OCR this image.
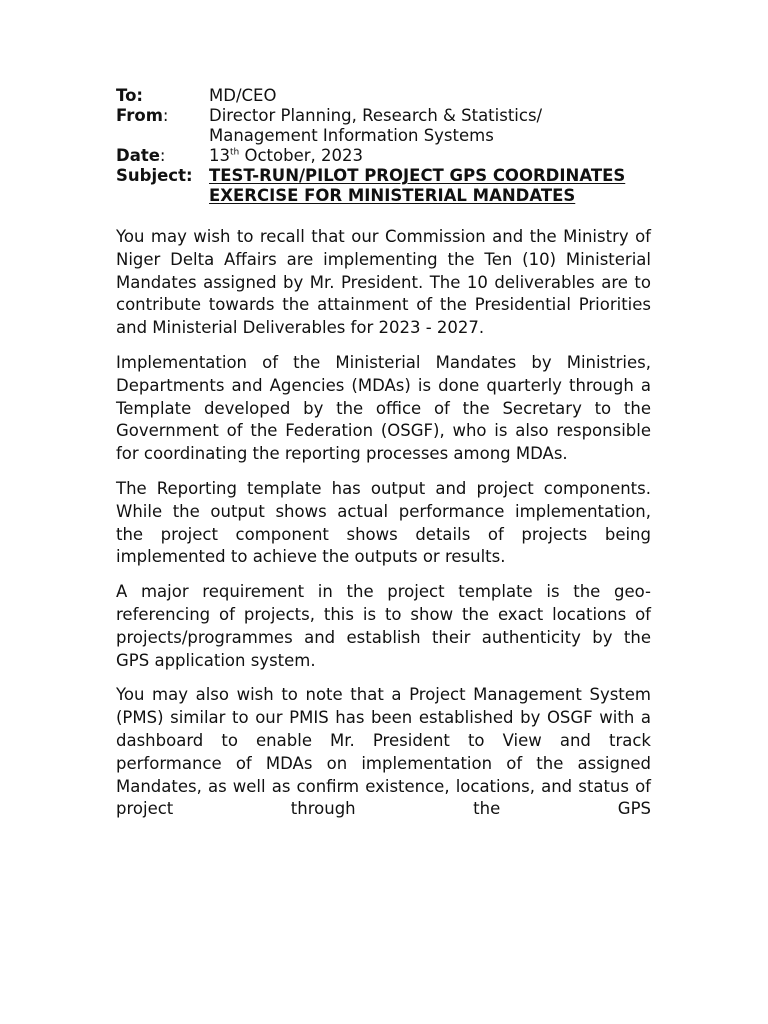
To:	MD/CEO
From:	Director Planning, Research & Statistics/ Management Information Systems
Date:	13th October, 2023
Subject: TEST-RUN/PILOT PROJECT GPS COORDINATES EXERCISE FOR MINISTERIAL MANDATES

You may wish to recall that our Commission and the Ministry of Niger Delta Affairs are implementing the Ten (10) Ministerial Mandates assigned by Mr. President. The 10 deliverables are to contribute towards the attainment of the Presidential Priorities and Ministerial Deliverables for 2023 - 2027.

Implementation of the Ministerial Mandates by Ministries, Departments and Agencies (MDAs) is done quarterly through a Template developed by the office of the Secretary to the Government of the Federation (OSGF), who is also responsible for coordinating the reporting processes among MDAs.

The Reporting template has output and project components. While the output shows actual performance implementation, the project component shows details of projects being implemented to achieve the outputs or results.

A major requirement in the project template is the geo-referencing of projects, this is to show the exact locations of projects/programmes and establish their authenticity by the GPS application system.

You may also wish to note that a Project Management System (PMS) similar to our PMIS has been established by OSGF with a dashboard to enable Mr. President to View and track performance of MDAs on implementation of the assigned Mandates, as well as confirm existence, locations, and status of project through the GPS
